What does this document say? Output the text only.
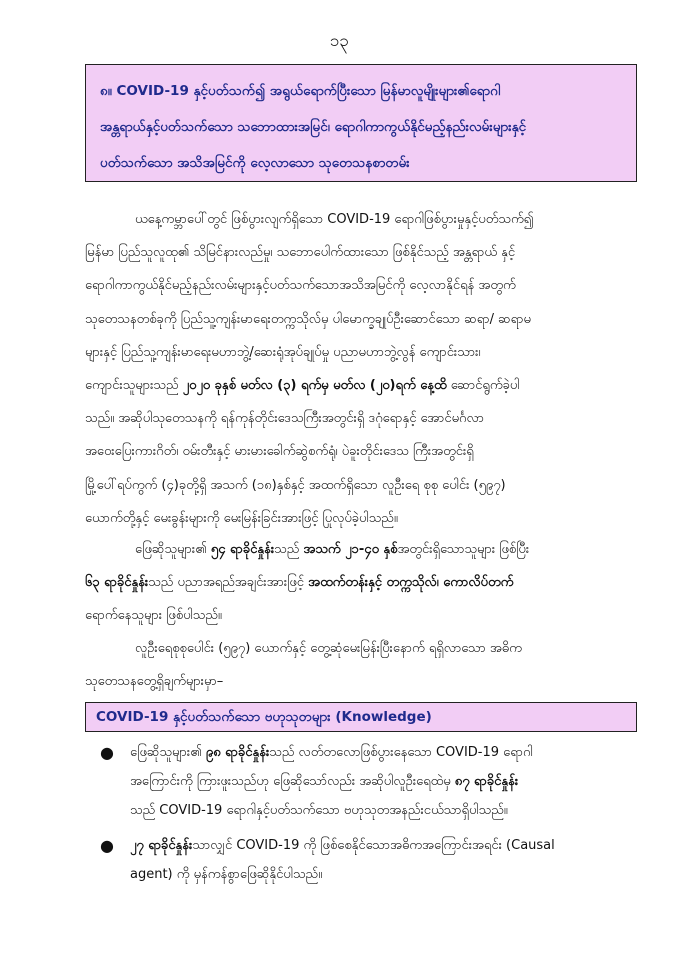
၁၃
၈။ COVID-19 နှင့်ပတ်သက်၍ အရွယ်ရောက်ပြီးသော မြန်မာလူမျိုးများ၏ရောဂါ
အန္တရာယ်နှင့်ပတ်သက်သော သဘောထားအမြင်၊ ရောဂါကာကွယ်နိုင်မည့်နည်းလမ်းများနှင့်
ပတ်သက်သော အသိအမြင်ကို လေ့လာသော သုတေသနစာတမ်း
ယနေ့ကမ္ဘာပေါ်တွင် ဖြစ်ပွားလျက်ရှိသော COVID-19 ရောဂါဖြစ်ပွားမှုနှင့်ပတ်သက်၍
မြန်မာ ပြည်သူလူထု၏ သိမြင်နားလည်မှု၊ သဘောပေါက်ထားသော ဖြစ်နိုင်သည့် အန္တရာယ် နှင့်
ရောဂါကာကွယ်နိုင်မည့်နည်းလမ်းများနှင့်ပတ်သက်သောအသိအမြင်ကို လေ့လာနိုင်ရန် အတွက်
သုတေသနတစ်ခုကို ပြည်သူ့ကျန်းမာရေးတက္ကသိုလ်မှ ပါမောက္ခချုပ်ဦးဆောင်သော ဆရာ/ ဆရာမ
များနှင့် ပြည်သူ့ကျန်းမာရေးမဟာဘွဲ့/ဆေးရုံအုပ်ချုပ်မှု ပညာမဟာဘွဲ့လွန် ကျောင်းသား၊
ကျောင်းသူများသည် ၂၀၂၀ ခုနှစ် မတ်လ (၃) ရက်မှ မတ်လ (၂၀)ရက် နေ့ထိ ဆောင်ရွက်ခဲ့ပါ
သည်။ အဆိုပါသုတေသနကို ရန်ကုန်တိုင်းဒေသကြီးအတွင်းရှိ ဒဂုံရောနှင့် အောင်မင်္ဂလာ
အဝေးပြေးကားဂိတ်၊ ဝမ်းတီးနှင့် မားမားခေါက်ဆွဲစက်ရုံ၊ ပဲခူးတိုင်းဒေသ ကြီးအတွင်းရှိ
မြို့ပေါ်ရပ်ကွက် (၄)ခုတို့ရှိ အသက် (၁၈)နှစ်နှင့် အထက်ရှိသော လူဦးရေ စုစု ပေါင်း (၅၉၇)
ယောက်တို့နှင့် မေးခွန်းများကို မေးမြန်းခြင်းအားဖြင့် ပြုလုပ်ခဲ့ပါသည်။
ဖြေဆိုသူများ၏ ၅၄ ရာခိုင်နှုန်းသည် အသက် ၂၁-၄၀ နှစ်အတွင်းရှိသောသူများ ဖြစ်ပြီး
၆၃ ရာခိုင်နှုန်းသည် ပညာအရည်အချင်းအားဖြင့် အထက်တန်းနှင့် တက္ကသိုလ်၊ ကောလိပ်တက်
ရောက်နေသူများ ဖြစ်ပါသည်။
လူဦးရေစုစုပေါင်း (၅၉၇) ယောက်နှင့် တွေ့ဆုံမေးမြန်းပြီးနောက် ရရှိလာသော အဓိက
သုတေသနတွေ့ရှိချက်များမှာ–
COVID-19 နှင့်ပတ်သက်သော ဗဟုသုတများ (Knowledge)
● ဖြေဆိုသူများ၏ ၉၈ ရာခိုင်နှုန်းသည် လတ်တလောဖြစ်ပွားနေသော COVID-19 ရောဂါ
အကြောင်းကို ကြားဖူးသည်ဟု ဖြေဆိုသော်လည်း အဆိုပါလူဦးရေထဲမှ ၈၇ ရာခိုင်နှုန်း
သည် COVID-19 ရောဂါနှင့်ပတ်သက်သော ဗဟုသုတအနည်းငယ်သာရှိပါသည်။
● ၂၇ ရာခိုင်နှုန်းသာလျှင် COVID-19 ကို ဖြစ်စေနိုင်သောအဓိကအကြောင်းအရင်း (Causal
agent) ကို မှန်ကန်စွာဖြေဆိုနိုင်ပါသည်။
